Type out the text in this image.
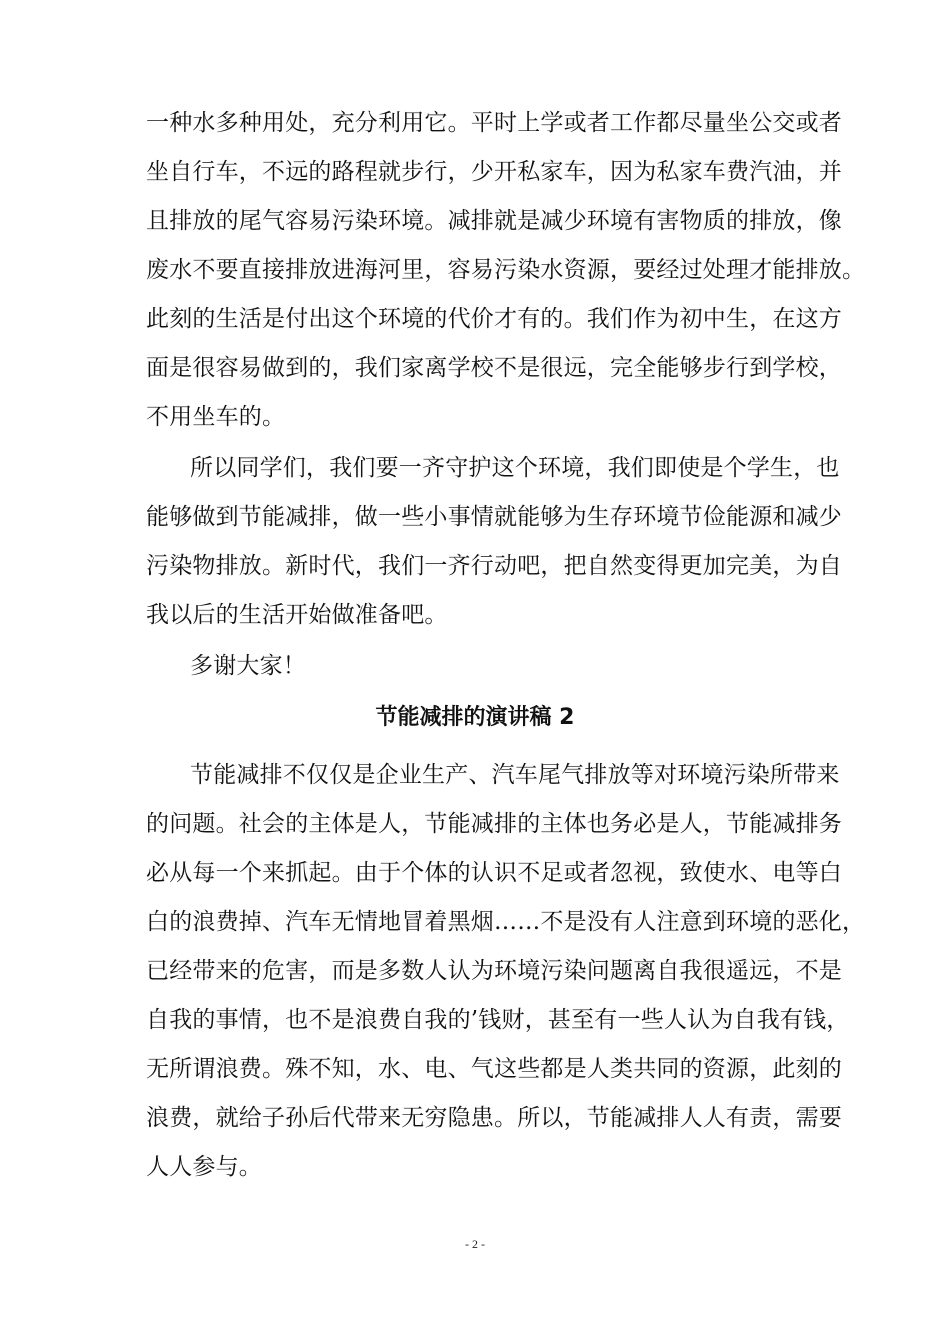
一种水多种用处，充分利用它。平时上学或者工作都尽量坐公交或者
坐自行车，不远的路程就步行，少开私家车，因为私家车费汽油，并
且排放的尾气容易污染环境。减排就是减少环境有害物质的排放，像
废水不要直接排放进海河里，容易污染水资源，要经过处理才能排放。
此刻的生活是付出这个环境的代价才有的。我们作为初中生，在这方
面是很容易做到的，我们家离学校不是很远，完全能够步行到学校，
不用坐车的。
所以同学们，我们要一齐守护这个环境，我们即使是个学生，也
能够做到节能减排，做一些小事情就能够为生存环境节俭能源和减少
污染物排放。新时代，我们一齐行动吧，把自然变得更加完美，为自
我以后的生活开始做准备吧。
多谢大家！
节能减排的演讲稿 2
节能减排不仅仅是企业生产、汽车尾气排放等对环境污染所带来
的问题。社会的主体是人，节能减排的主体也务必是人，节能减排务
必从每一个来抓起。由于个体的认识不足或者忽视，致使水、电等白
白的浪费掉、汽车无情地冒着黑烟……不是没有人注意到环境的恶化，
已经带来的危害，而是多数人认为环境污染问题离自我很遥远，不是
自我的事情，也不是浪费自我的’钱财，甚至有一些人认为自我有钱，
无所谓浪费。殊不知，水、电、气这些都是人类共同的资源，此刻的
浪费，就给子孙后代带来无穷隐患。所以，节能减排人人有责，需要
人人参与。
- 2 -
